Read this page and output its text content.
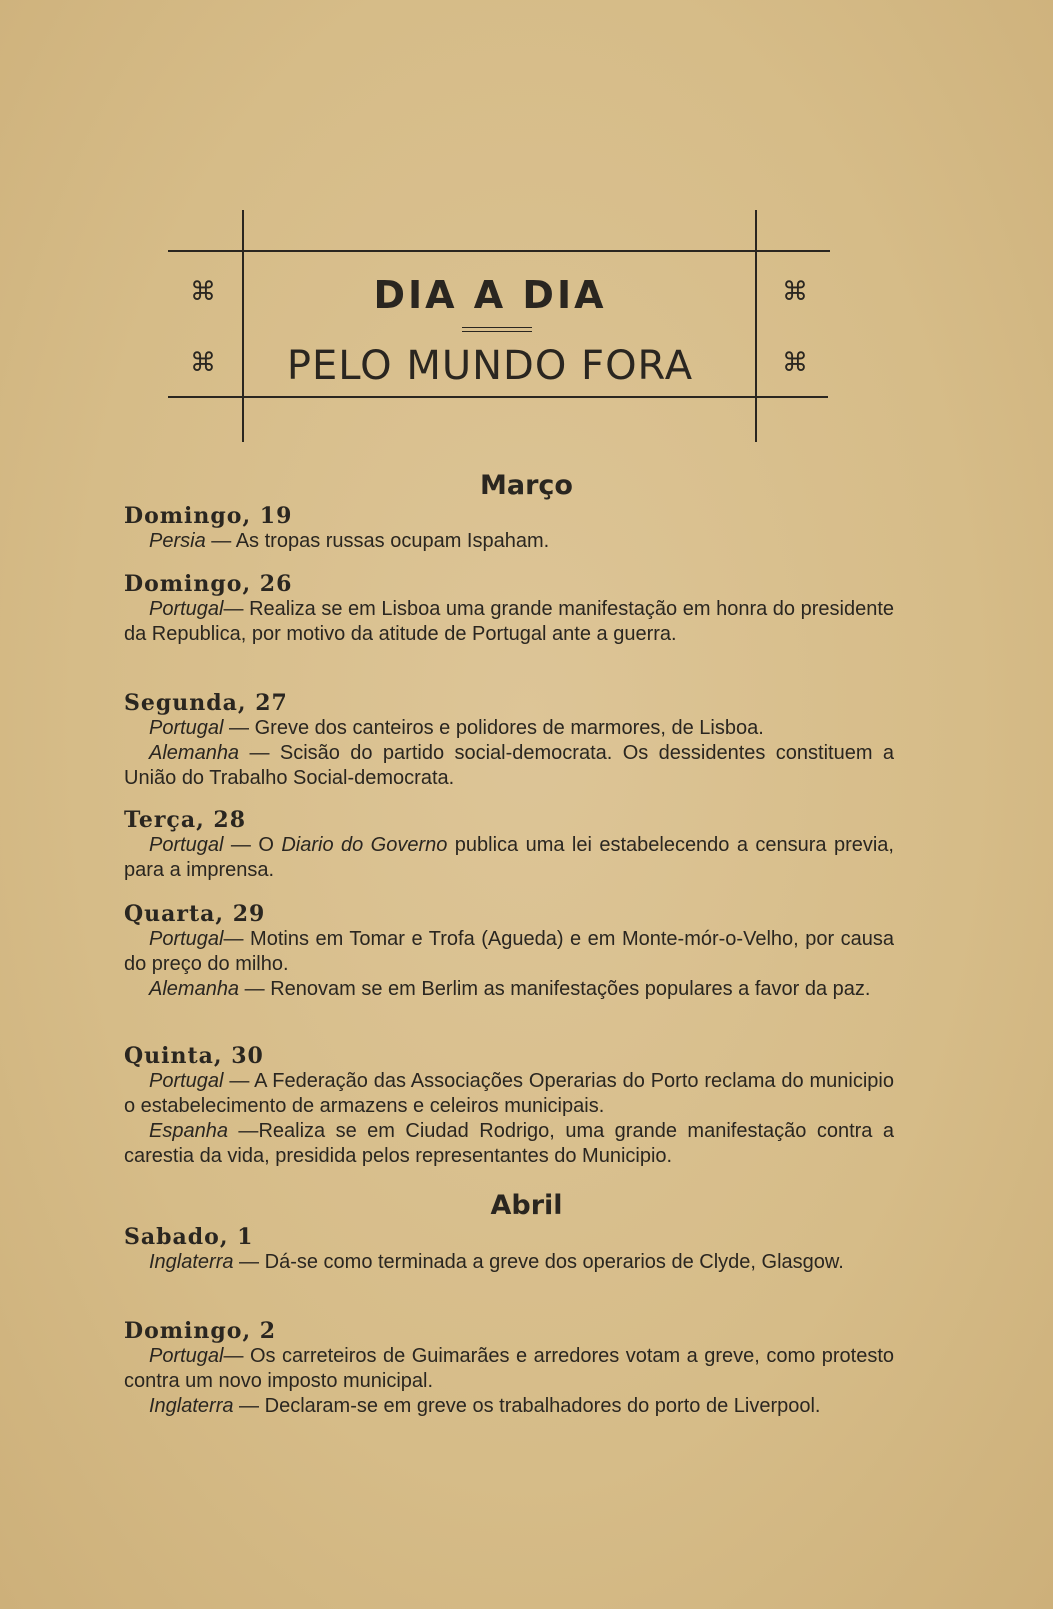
⌘
⌘
⌘
⌘
DIA A DIA
PELO MUNDO FORA
Março
Domingo, 19

Persia — As tropas russas ocupam Ispaham.

Domingo, 26

Portugal— Realiza se em Lisboa uma grande manifestação em honra do presidente da Republica, por motivo da atitude de Portugal ante a guerra.

Segunda, 27

Portugal — Greve dos canteiros e polidores de marmores, de Lisboa.

Alemanha — Scisão do partido social-democrata. Os dessidentes constituem a União do Trabalho Social-democrata.

Terça, 28

Portugal — O Diario do Governo publica uma lei estabelecendo a censura previa, para a imprensa.

Quarta, 29

Portugal— Motins em Tomar e Trofa (Agueda) e em Monte-mór-o-Velho, por causa do preço do milho.

Alemanha — Renovam se em Berlim as manifestações populares a favor da paz.

Quinta, 30

Portugal — A Federação das Associações Operarias do Porto reclama do municipio o estabelecimento de armazens e celeiros municipais.

Espanha —Realiza se em Ciudad Rodrigo, uma grande manifestação contra a carestia da vida, presidida pelos representantes do Municipio.

Abril
Sabado, 1

Inglaterra — Dá-se como terminada a greve dos operarios de Clyde, Glasgow.

Domingo, 2

Portugal— Os carreteiros de Guimarães e arredores votam a greve, como protesto contra um novo imposto municipal.

Inglaterra — Declaram-se em greve os trabalhadores do porto de Liverpool.
